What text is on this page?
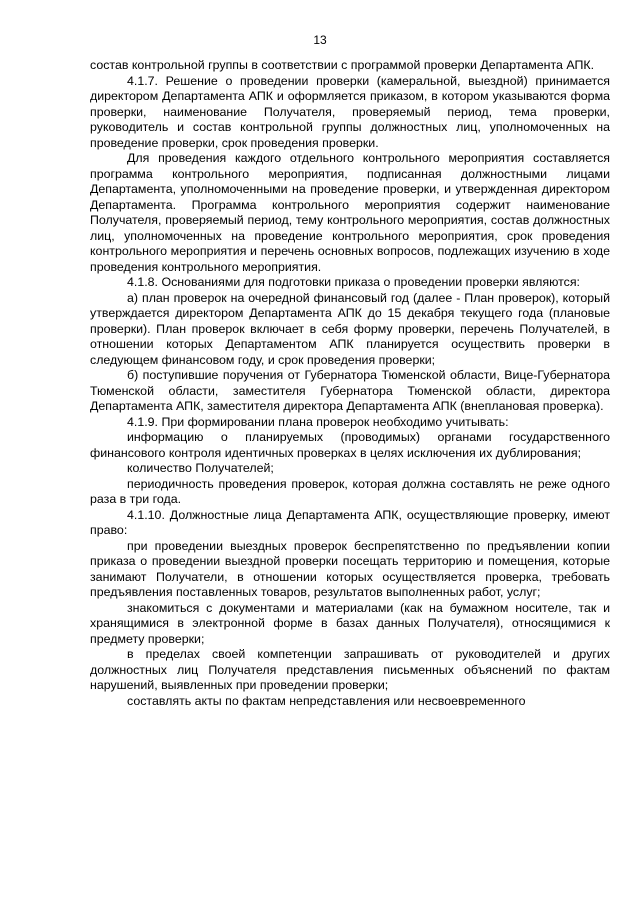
13

состав контрольной группы в соответствии с программой проверки Департамента АПК.

4.1.7. Решение о проведении проверки (камеральной, выездной) принимается директором Департамента АПК и оформляется приказом, в котором указываются форма проверки, наименование Получателя, проверяемый период, тема проверки, руководитель и состав контрольной группы должностных лиц, уполномоченных на проведение проверки, срок проведения проверки.

Для проведения каждого отдельного контрольного мероприятия составляется программа контрольного мероприятия, подписанная должностными лицами Департамента, уполномоченными на проведение проверки, и утвержденная директором Департамента. Программа контрольного мероприятия содержит наименование Получателя, проверяемый период, тему контрольного мероприятия, состав должностных лиц, уполномоченных на проведение контрольного мероприятия, срок проведения контрольного мероприятия и перечень основных вопросов, подлежащих изучению в ходе проведения контрольного мероприятия.

4.1.8. Основаниями для подготовки приказа о проведении проверки являются:

а) план проверок на очередной финансовый год (далее - План проверок), который утверждается директором Департамента АПК до 15 декабря текущего года (плановые проверки). План проверок включает в себя форму проверки, перечень Получателей, в отношении которых Департаментом АПК планируется осуществить проверки в следующем финансовом году, и срок проведения проверки;

б) поступившие поручения от Губернатора Тюменской области, Вице-Губернатора Тюменской области, заместителя Губернатора Тюменской области, директора Департамента АПК, заместителя директора Департамента АПК (внеплановая проверка).

4.1.9. При формировании плана проверок необходимо учитывать:

информацию о планируемых (проводимых) органами государственного финансового контроля идентичных проверках в целях исключения их дублирования;

количество Получателей;

периодичность проведения проверок, которая должна составлять не реже одного раза в три года.

4.1.10. Должностные лица Департамента АПК, осуществляющие проверку, имеют право:

при проведении выездных проверок беспрепятственно по предъявлении копии приказа о проведении выездной проверки посещать территорию и помещения, которые занимают Получатели, в отношении которых осуществляется проверка, требовать предъявления поставленных товаров, результатов выполненных работ, услуг;

знакомиться с документами и материалами (как на бумажном носителе, так и хранящимися в электронной форме в базах данных Получателя), относящимися к предмету проверки;

в пределах своей компетенции запрашивать от руководителей и других должностных лиц Получателя представления письменных объяснений по фактам нарушений, выявленных при проведении проверки;

составлять акты по фактам непредставления или несвоевременного
